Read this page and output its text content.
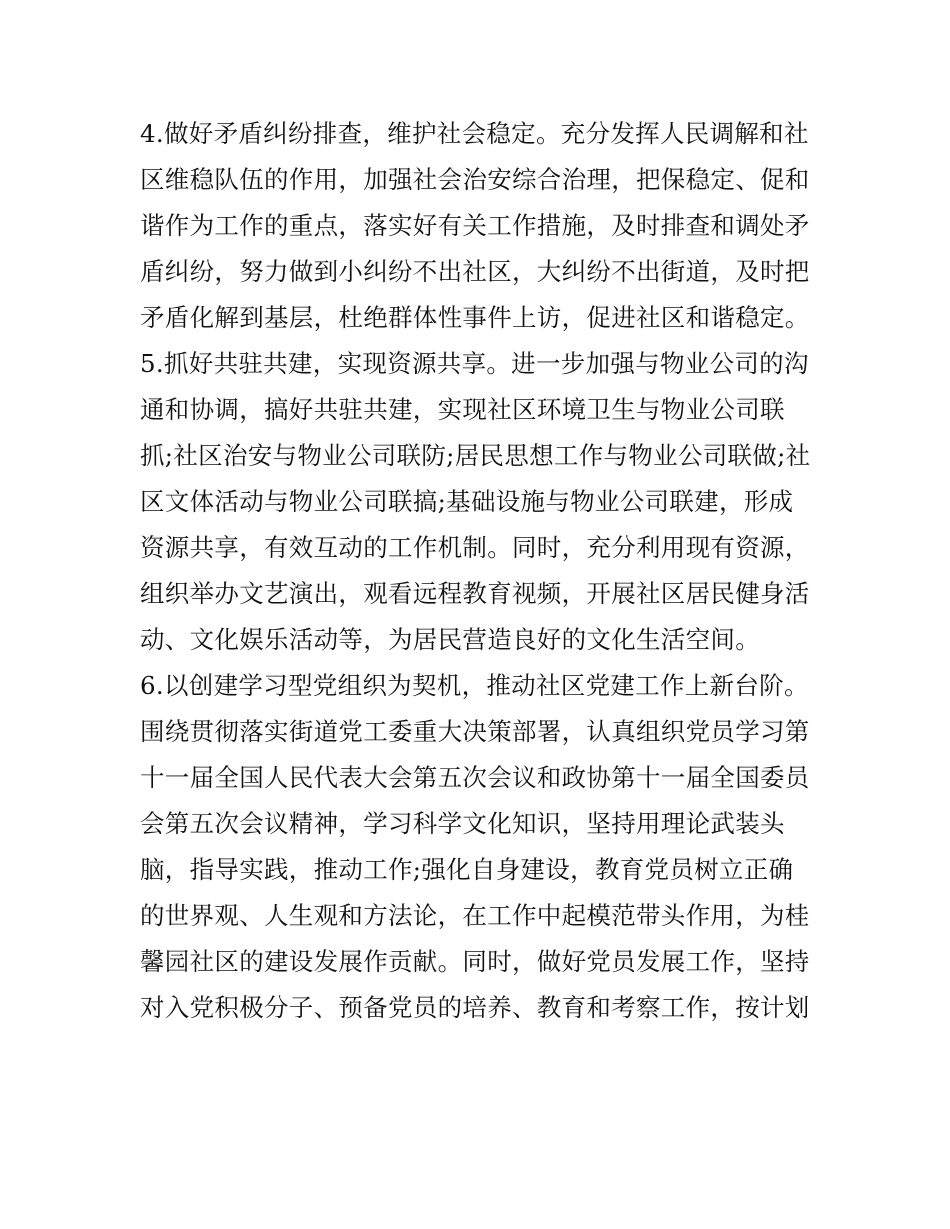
4.做好矛盾纠纷排查，维护社会稳定。充分发挥人民调解和社
区维稳队伍的作用，加强社会治安综合治理，把保稳定、促和
谐作为工作的重点，落实好有关工作措施，及时排查和调处矛
盾纠纷，努力做到小纠纷不出社区，大纠纷不出街道，及时把
矛盾化解到基层，杜绝群体性事件上访，促进社区和谐稳定。
5.抓好共驻共建，实现资源共享。进一步加强与物业公司的沟
通和协调，搞好共驻共建，实现社区环境卫生与物业公司联
抓;社区治安与物业公司联防;居民思想工作与物业公司联做;社
区文体活动与物业公司联搞;基础设施与物业公司联建，形成
资源共享，有效互动的工作机制。同时，充分利用现有资源，
组织举办文艺演出，观看远程教育视频，开展社区居民健身活
动、文化娱乐活动等，为居民营造良好的文化生活空间。
6.以创建学习型党组织为契机，推动社区党建工作上新台阶。
围绕贯彻落实街道党工委重大决策部署，认真组织党员学习第
十一届全国人民代表大会第五次会议和政协第十一届全国委员
会第五次会议精神，学习科学文化知识，坚持用理论武装头
脑，指导实践，推动工作;强化自身建设，教育党员树立正确
的世界观、人生观和方法论，在工作中起模范带头作用，为桂
馨园社区的建设发展作贡献。同时，做好党员发展工作，坚持
对入党积极分子、预备党员的培养、教育和考察工作，按计划
